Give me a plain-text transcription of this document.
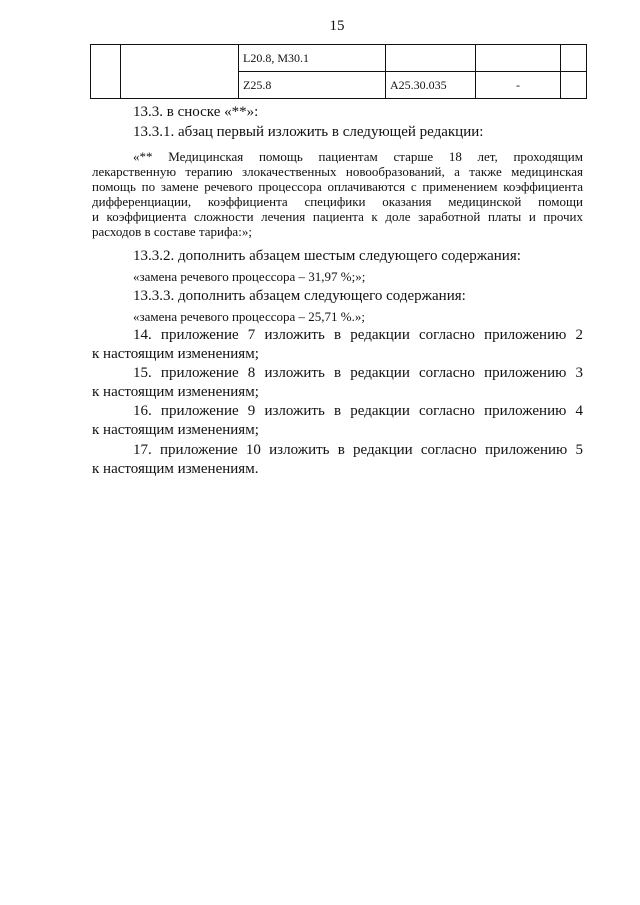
15
		L20.8, M30.1			
		Z25.8	A25.30.035	-	
13.3. в сноске «**»:
13.3.1. абзац первый изложить в следующей редакции:
«** Медицинская помощь пациентам старше 18 лет, проходящим
лекарственную терапию злокачественных новообразований, а также медицинская
помощь по замене речевого процессора оплачиваются с применением коэффициента
дифференциации, коэффициента специфики оказания медицинской помощи
и коэффициента сложности лечения пациента к доле заработной платы и прочих
расходов в составе тарифа:»;
13.3.2. дополнить абзацем шестым следующего содержания:
«замена речевого процессора – 31,97 %;»;
13.3.3. дополнить абзацем следующего содержания:
«замена речевого процессора – 25,71 %.»;
14. приложение 7 изложить в редакции согласно приложению 2
к настоящим изменениям;
15. приложение 8 изложить в редакции согласно приложению 3
к настоящим изменениям;
16. приложение 9 изложить в редакции согласно приложению 4
к настоящим изменениям;
17. приложение 10 изложить в редакции согласно приложению 5
к настоящим изменениям.
